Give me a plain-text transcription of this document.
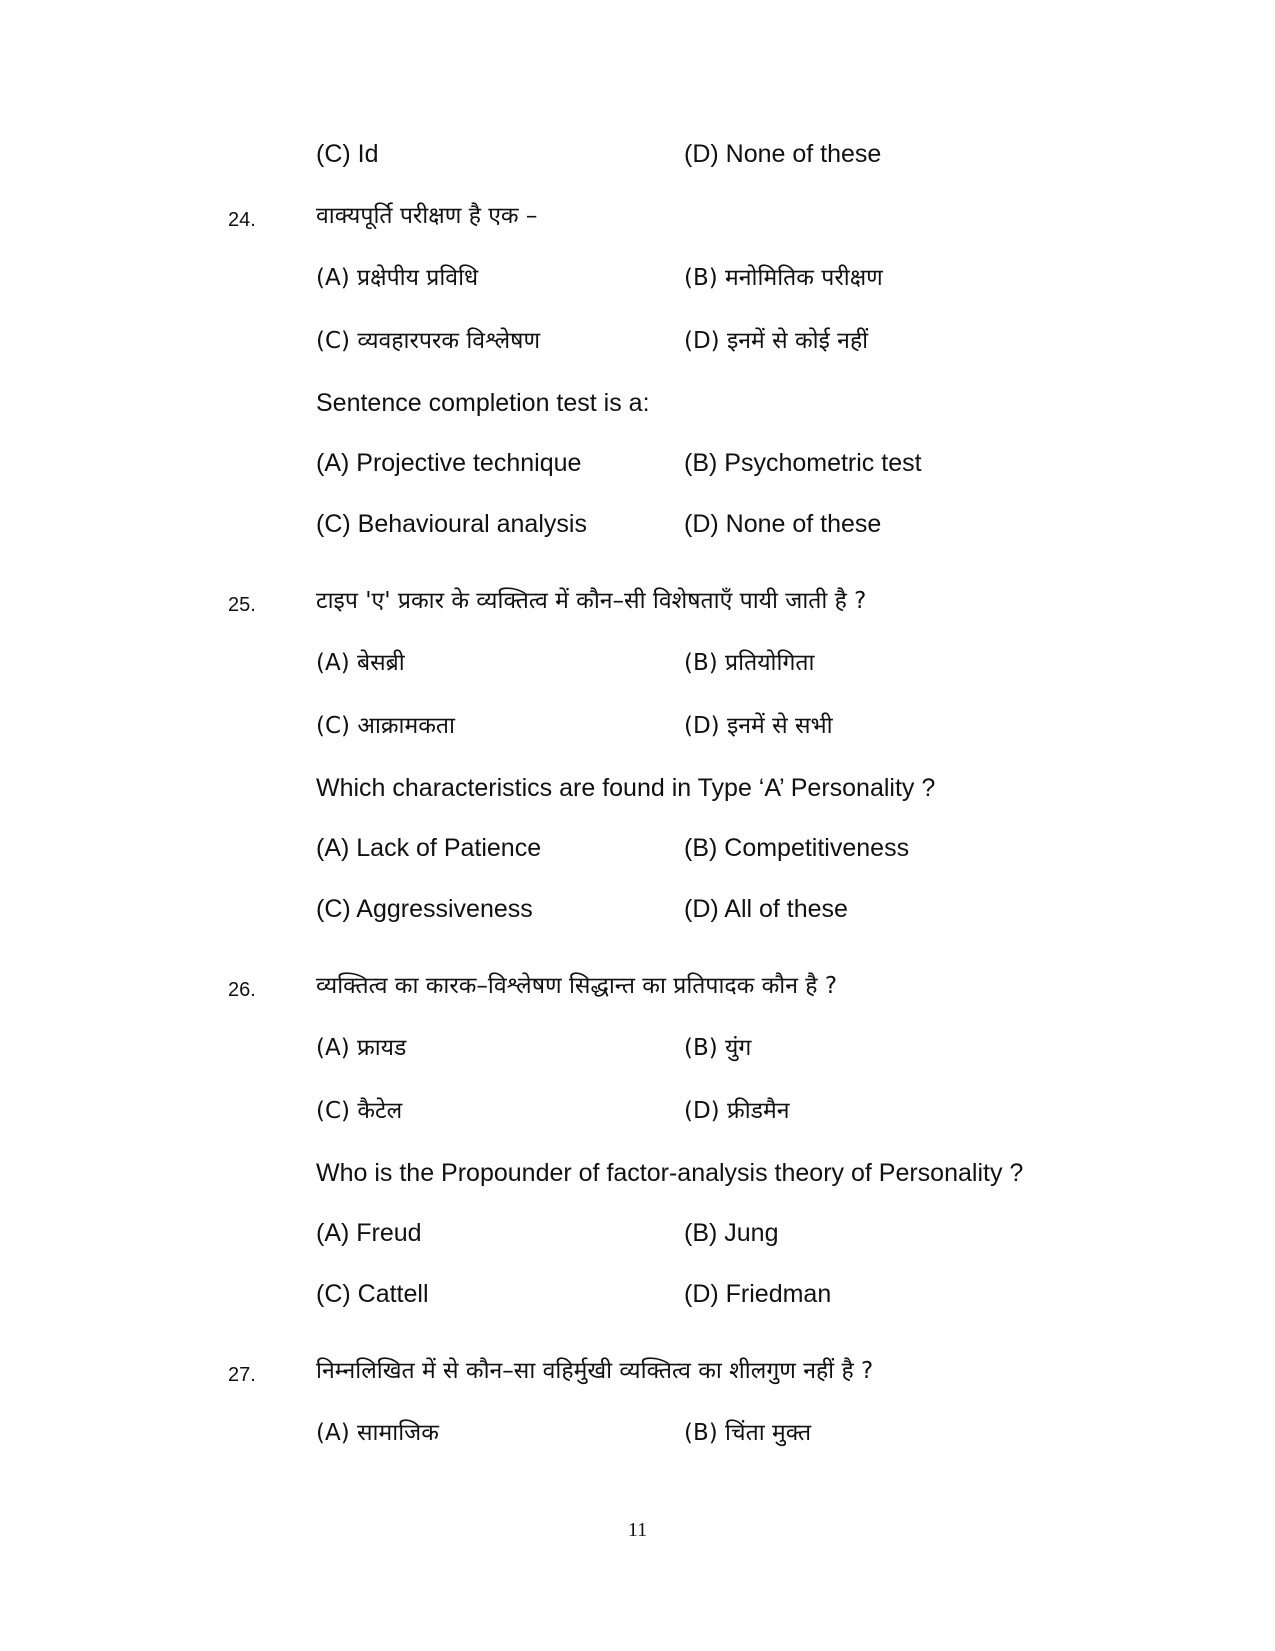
(C) Id	(D) None of these
24.	वाक्यपूर्ति परीक्षण है एक –
(A) प्रक्षेपीय प्रविधि	(B) मनोमितिक परीक्षण
(C) व्यवहारपरक विश्लेषण	(D) इनमें से कोई नहीं
Sentence completion test is a:
(A) Projective technique	(B) Psychometric test
(C) Behavioural analysis	(D) None of these
25.	टाइप 'ए' प्रकार के व्यक्तित्व में कौन–सी विशेषताएँ पायी जाती है ?
(A) बेसब्री	(B) प्रतियोगिता
(C) आक्रामकता	(D) इनमें से सभी
Which characteristics are found in Type ‘A’ Personality ?
(A) Lack of Patience	(B) Competitiveness
(C) Aggressiveness	(D) All of these
26.	व्यक्तित्व का कारक–विश्लेषण सिद्धान्त का प्रतिपादक कौन है ?
(A) फ्रायड	(B) युंग
(C) कैटेल	(D) फ्रीडमैन
Who is the Propounder of factor-analysis theory of Personality ?
(A) Freud	(B) Jung
(C) Cattell	(D) Friedman
27.	निम्नलिखित में से कौन–सा वहिर्मुखी व्यक्तित्व का शीलगुण नहीं है ?
(A) सामाजिक	(B) चिंता मुक्त
11
